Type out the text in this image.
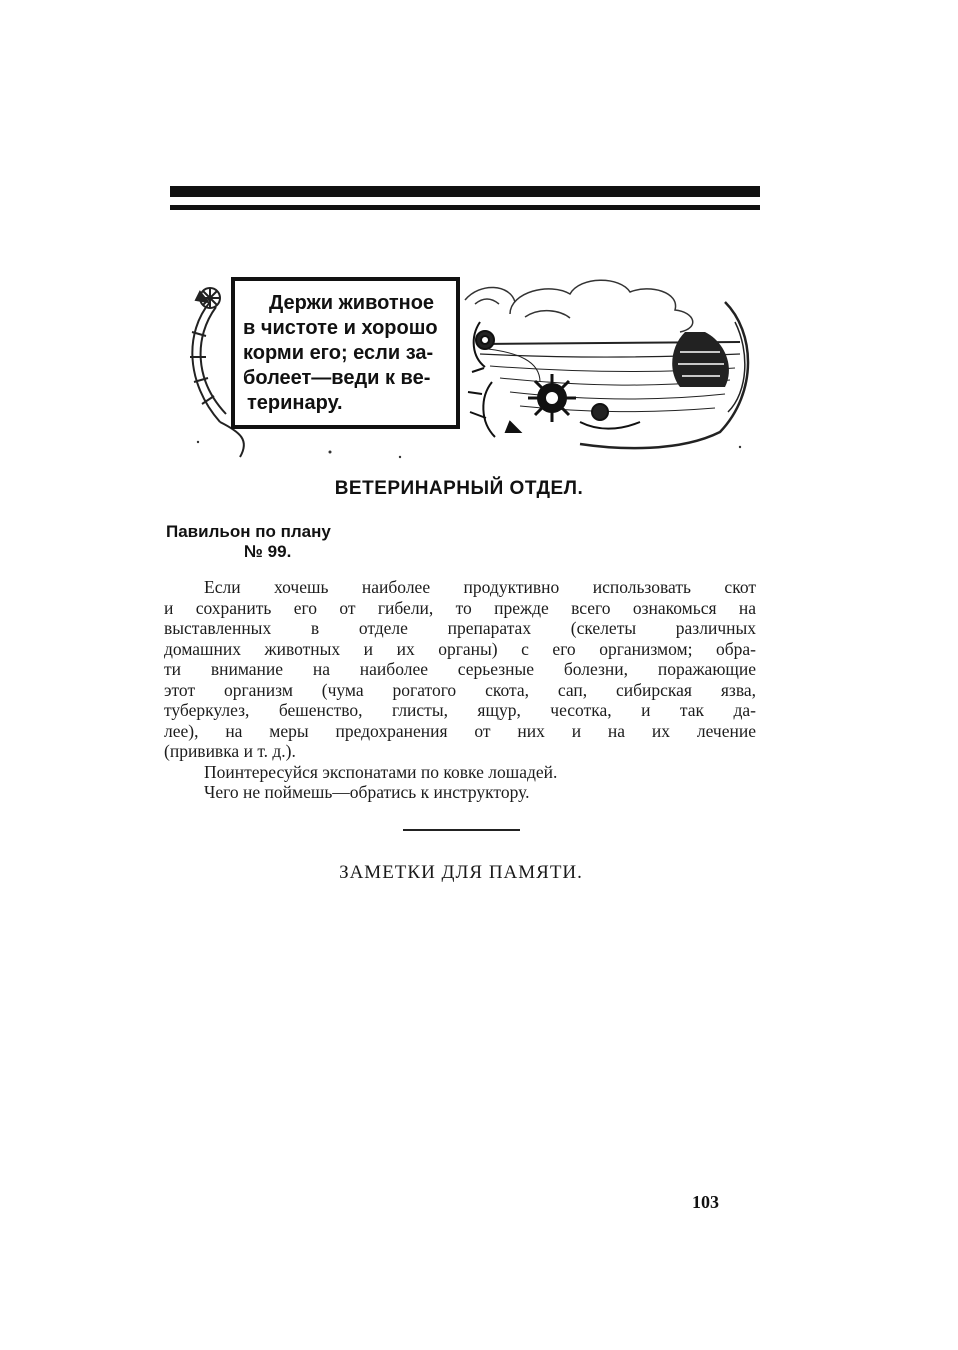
Держи животное
в чистоте и хорошо
корми его; если за-
болеет—веди к ве-
теринару.
ВЕТЕРИНАРНЫЙ ОТДЕЛ.
Павильон по плану
№ 99.
Если хочешь наиболее продуктивно использовать скот
и сохранить его от гибели, то прежде всего ознакомься на
выставленных в отделе препаратах (скелеты различных
домашних животных и их органы) с его организмом; обра-
ти внимание на наиболее серьезные болезни, поражающие
этот организм (чума рогатого скота, сап, сибирская язва,
туберкулез, бешенство, глисты, ящур, чесотка, и так да-
лее), на меры предохранения от них и на их лечение
(прививка и т. д.).
Поинтересуйся экспонатами по ковке лошадей.
Чего не поймешь—обратись к инструктору.
ЗАМЕТКИ ДЛЯ ПАМЯТИ.
103
